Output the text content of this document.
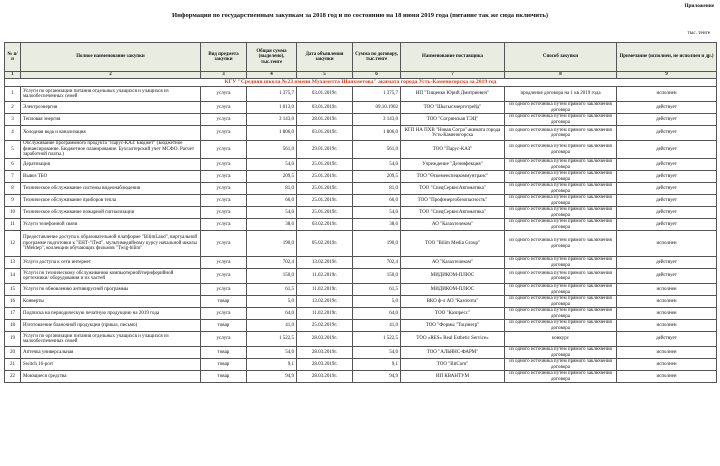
Приложение
Информация по государственным закупкам за 2018 год и по состоянию на 18 июня 2019 года (питание так же сюда включить)
тыс. тенге
№ п/п	Полное наименование закупки	Вид предмета закупки	Общая сумма (выделено), тыс.тенге	Дата объявления закупки	Сумма по договору, тыс.тенге	Наименование поставщика	Способ закупки	Примечание (исполнен, не исполнен и др.)
1	2	3	4	5	6	7	8	9
КГУ "Средняя школа №23 имени Мухаметта Шаяхметова" акимата города Усть-Каменогорска за 2019 год								
1	Услуги по организации питания отдельных учащихся и учащихся из малообеспеченных семей	услуга	1 375,7	03.01.2019г.	1 375,7	ИП "Тищенко Юрий Дмитриевич"	продление договора на 1 кв 2019 года	исполнен
2	Электроэнергия	услуга	1 013,0	03.01.2019г.	09.10.1902	ТОО "Шыгысэнерготрейд"	из одного источника путем прямого заключения договора	действует
3	Тепловая энергия	услуга	3 143,0	28.01.2019г.	3 143,0	ТОО "Согринская ТЭЦ"	из одного источника путем прямого заключения договора	действует
4	Холодная вода и канализация	услуга	1 806,0	03.01.2019г.	1 806,0	КГП НА ПХВ "Новая Согра" акимата города Усть-Каменогорска	из одного источника путем прямого заключения договора	действует
5	Обслуживание программного продукта "Парус-КАЗ: Бюджет" (Бюджетное финансирование. Бюджетное планирование. Бухгалтерский учет МСФО. Расчет заработной платы.)	услуга	561,0	29.01.2019г.	561,0	ТОО "Парус-КАЗ"	из одного источника путем прямого заключения договора	действует
6	Дератизация	услуга	54,0	25.01.2019г.	54,0	Учреждение "Дезинфекция"	из одного источника путем прямого заключения договора	действует
7	Вывоз ТБО	услуга	209,5	25.01.2019г.	209,5	ТОО "Өскеменспецкоммунтранс"	из одного источника путем прямого заключения договора	действует
8	Техническое обслуживание системы видеонаблюдения	услуга	81,0	25.01.2019г.	81,0	ТОО "СпецСервисАвтоматика"	из одного источника путем прямого заключения договора	действует
9	Техническое обслуживание приборов тепла	услуга	66,0	25.01.2019г.	66,0	ТОО "Профэнергобезопасность"	из одного источника путем прямого заключения договора	действует
10	Техническое обслуживание пожарной сигнализации	услуга	54,0	25.01.2019г.	54,0	ТОО "СпецСервисАвтоматика"	из одного источника путем прямого заключения договора	действует
11	Услуги телефонной связи	услуга	38,6	03.02.2019г.	38,6	АО "Казахтелеком"	из одного источника путем прямого заключения договора	действует
12	Предоставление доступа к образовательной платформе "BilimLand", виртуальной программе подготовки к "ЕНТ-"iTest", мультимедийному курсу начальной школы "iMektep", коллекции обучающих фильмов "Twig-bilim"	услуга	190,0	05.02.2019г.	190,0	ТОО "Bilim Media Group"	из одного источника путем прямого заключения договора	исполнен
13	Услуги доступа к сети интернет	услуга	702,4	13.02.2019г.	702,4	АО "Казахтелеком"	из одного источника путем прямого заключения договора	действует
14	Услуги по техническому обслуживанию компьютерной/периферийной оргтехники/ оборудования и их частей	услуга	150,0	11.02.2019г.	150,0	МИДИКОМ-ПЛЮС	из одного источника путем прямого заключения договора	действует
15	Услуги по обновлению антивирусной программы	услуга	61,5	11.02.2019г.	61,5	МИДИКОМ-ПЛЮС	из одного источника путем прямого заключения договора	исполнен
16	Конверты	товар	5,0	13.02.2019г.	5,0	ВКО ф-л АО "Казпочта"	из одного источника путем прямого заключения договора	исполнен
17	Подписка на периодическую печатную продукцию на 2019 года	услуга	64,0	11.02.2019г.	64,0	ТОО "Казпресс"	из одного источника путем прямого заключения договора	исполнен
18	Изготовление бланочной продукции (приказ, письмо)	товар	41,0	25.02.2019г.	41,0	ТОО "Формы "Тоцзнегр"	из одного источника путем прямого заключения договора	исполнен
19	Услуги по организации питания отдельных учащихся и учащихся из малообеспеченных семей	услуга	1 522,5	28.03.2019г.	1 522,5	ТОО «RES» Real Esthetic Service»	конкурс	действует
20	Аптечка универсальная	товар	54,0	28.03.2019г.	54,0	ТОО "АЛЬЯНС-ФАРМ"	из одного источника путем прямого заключения договора	исполнен
21	Switch 16-port	товар	9,1	28.03.2019г.	9,1	ТОО "BitCom"	из одного источника путем прямого заключения договора	исполнен
22	Моющиеся средства	товар	94,9	28.03.2019г.	94,9	ИП КВАНТУМ	из одного источника путем прямого заключения договора	исполнен
